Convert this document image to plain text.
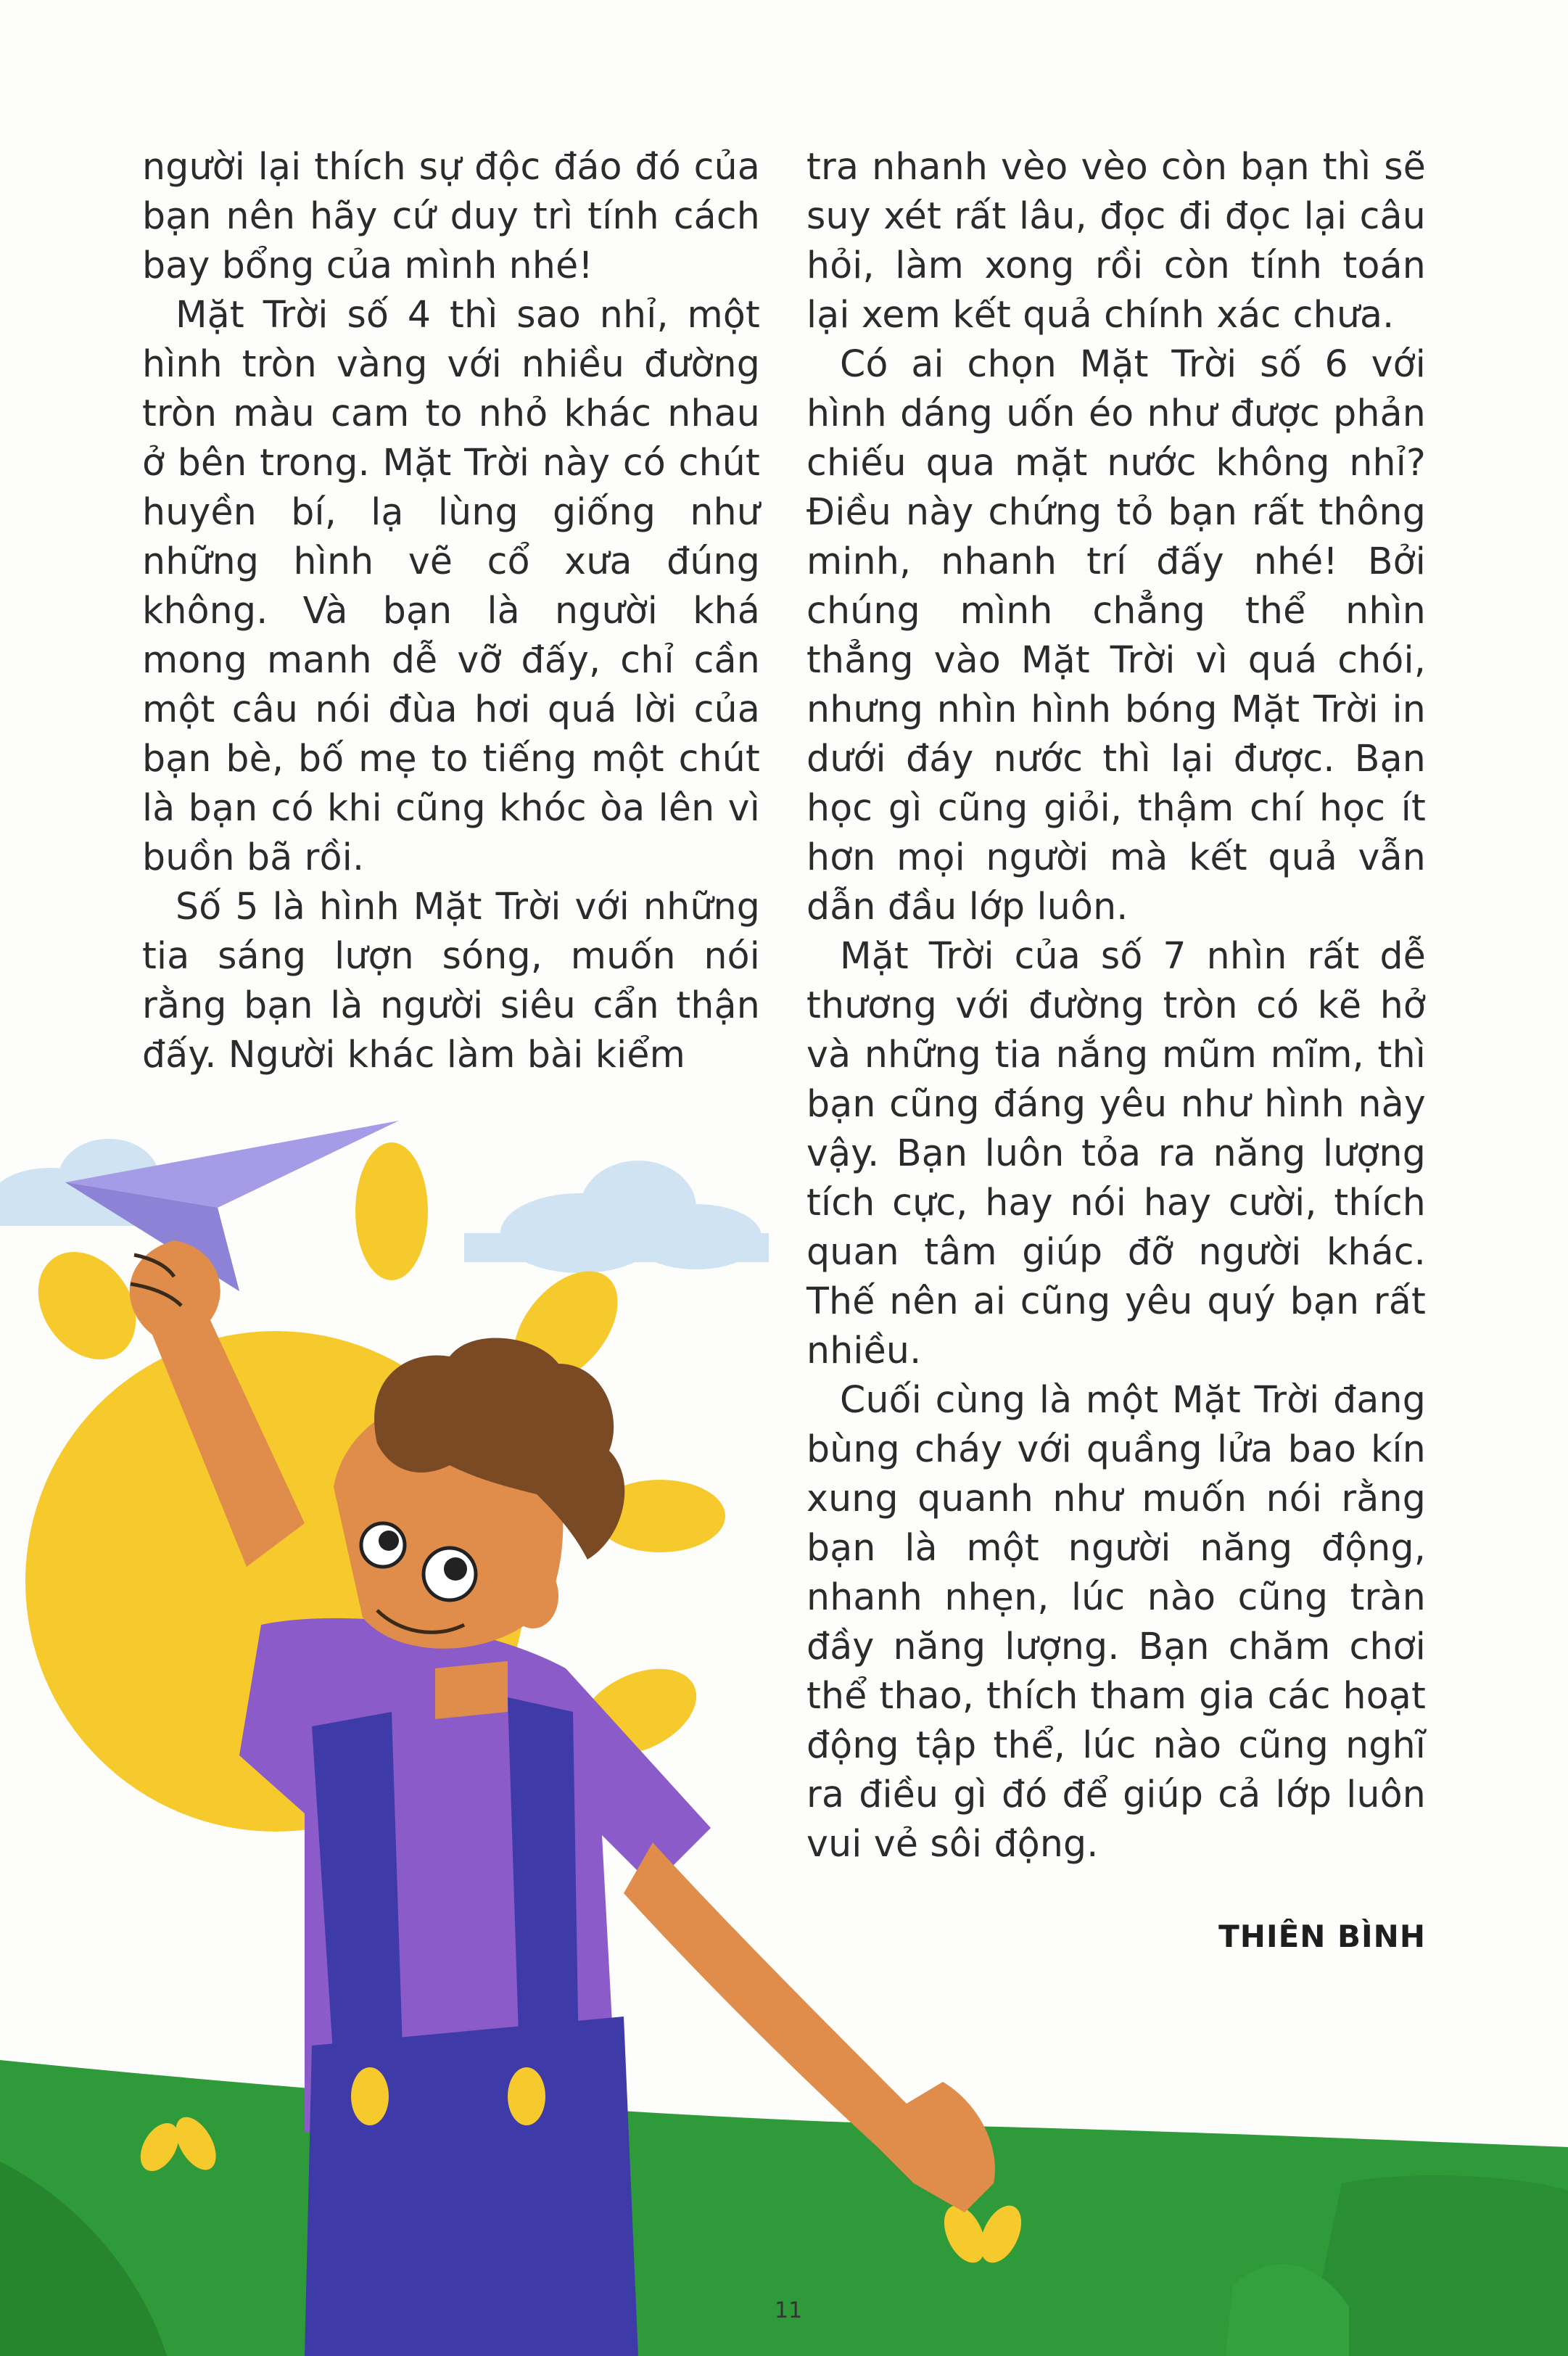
người lại thích sự độc đáo đó của bạn nên hãy cứ duy trì tính cách bay bổng của mình nhé!

Mặt Trời số 4 thì sao nhỉ, một hình tròn vàng với nhiều đường tròn màu cam to nhỏ khác nhau ở bên trong. Mặt Trời này có chút huyền bí, lạ lùng giống như những hình vẽ cổ xưa đúng không. Và bạn là người khá mong manh dễ vỡ đấy, chỉ cần một câu nói đùa hơi quá lời của bạn bè, bố mẹ to tiếng một chút là bạn có khi cũng khóc òa lên vì buồn bã rồi.

Số 5 là hình Mặt Trời với những tia sáng lượn sóng, muốn nói rằng bạn là người siêu cẩn thận đấy. Người khác làm bài kiểm

tra nhanh vèo vèo còn bạn thì sẽ suy xét rất lâu, đọc đi đọc lại câu hỏi, làm xong rồi còn tính toán lại xem kết quả chính xác chưa.

Có ai chọn Mặt Trời số 6 với hình dáng uốn éo như được phản chiếu qua mặt nước không nhỉ? Điều này chứng tỏ bạn rất thông minh, nhanh trí đấy nhé! Bởi chúng mình chẳng thể nhìn thẳng vào Mặt Trời vì quá chói, nhưng nhìn hình bóng Mặt Trời in dưới đáy nước thì lại được. Bạn học gì cũng giỏi, thậm chí học ít hơn mọi người mà kết quả vẫn dẫn đầu lớp luôn.

Mặt Trời của số 7 nhìn rất dễ thương với đường tròn có kẽ hở và những tia nắng mũm mĩm, thì bạn cũng đáng yêu như hình này vậy. Bạn luôn tỏa ra năng lượng tích cực, hay nói hay cười, thích quan tâm giúp đỡ người khác. Thế nên ai cũng yêu quý bạn rất nhiều.

Cuối cùng là một Mặt Trời đang bùng cháy với quầng lửa bao kín xung quanh như muốn nói rằng bạn là một người năng động, nhanh nhẹn, lúc nào cũng tràn đầy năng lượng. Bạn chăm chơi thể thao, thích tham gia các hoạt động tập thể, lúc nào cũng nghĩ ra điều gì đó để giúp cả lớp luôn vui vẻ sôi động.

THIÊN BÌNH
11
